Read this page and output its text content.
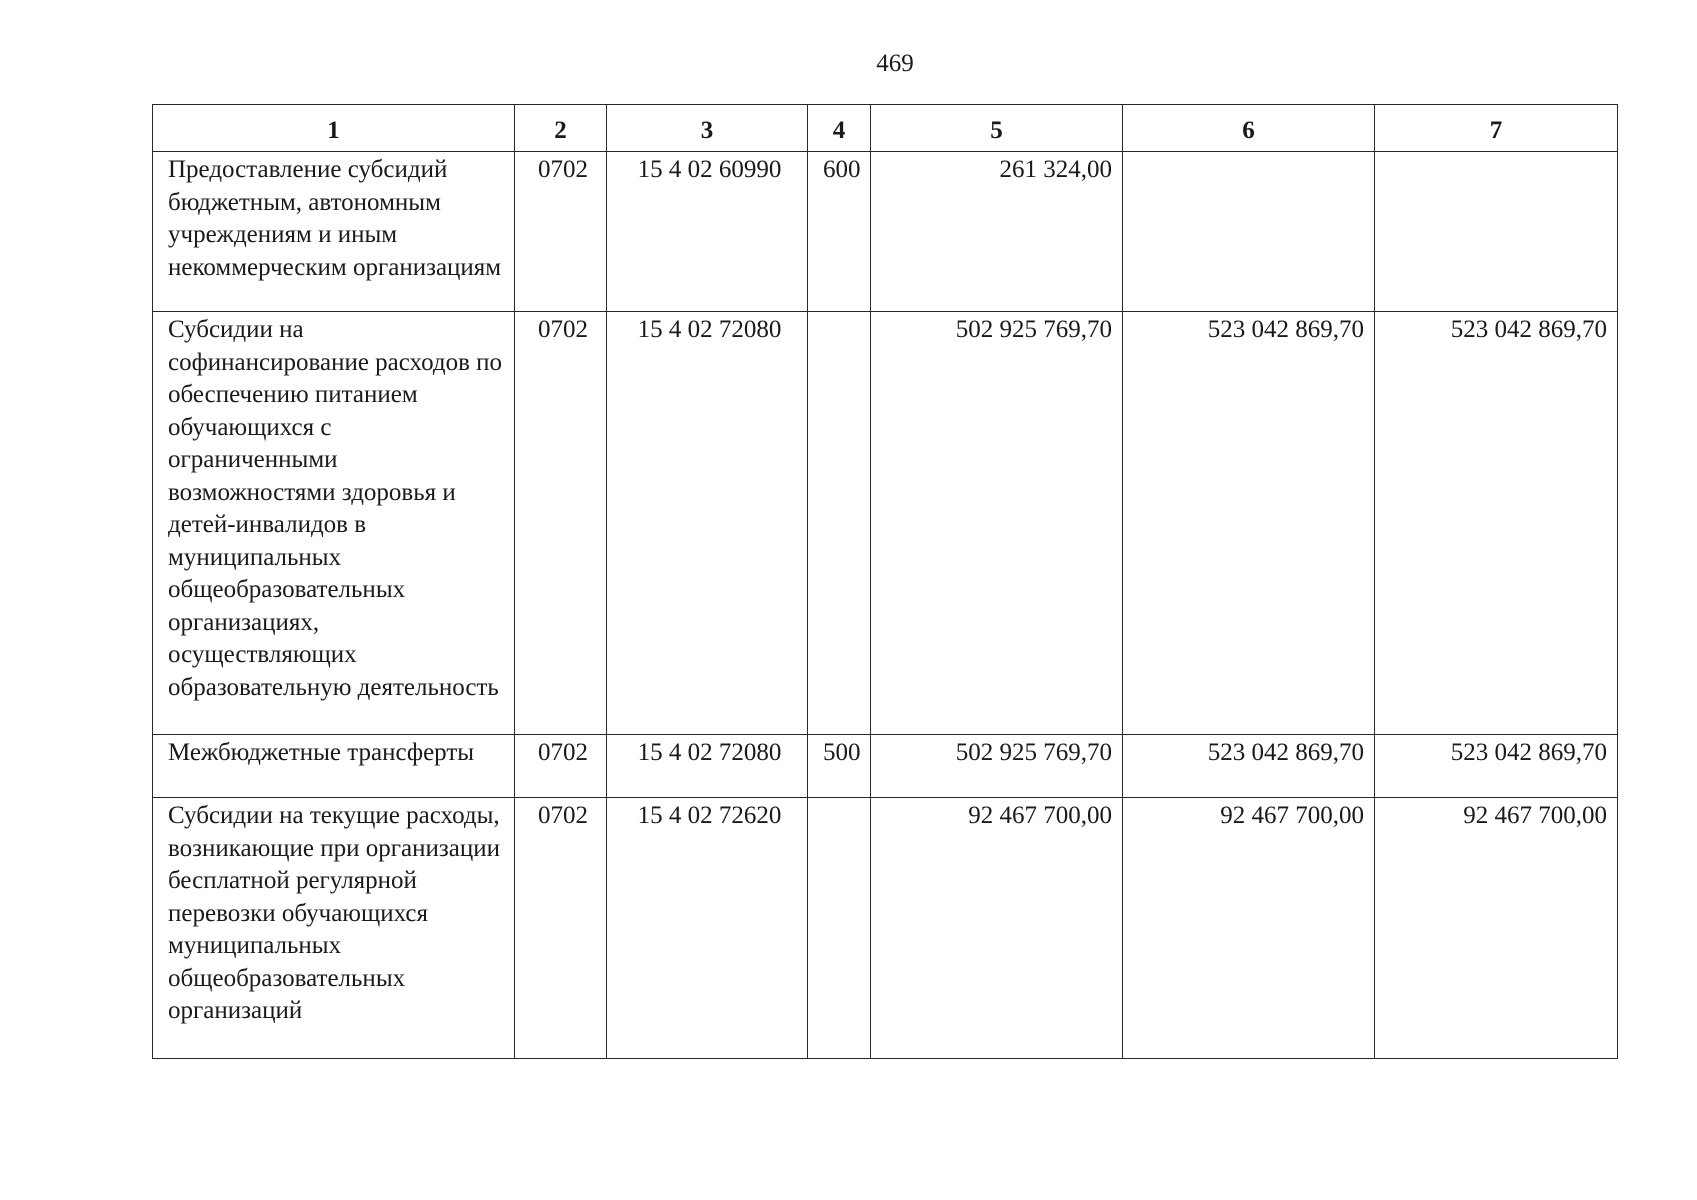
469
1	2	3	4	5	6	7
Предоставление субсидий бюджетным, автономным учреждениям и иным некоммерческим организациям	0702	15 4 02 60990	600	261 324,00		
Субсидии на софинансирование расходов по обеспечению питанием обучающихся с ограниченными возможностями здоровья и детей-инвалидов в муниципальных общеобразовательных организациях, осуществляющих образовательную деятельность	0702	15 4 02 72080		502 925 769,70	523 042 869,70	523 042 869,70
Межбюджетные трансферты	0702	15 4 02 72080	500	502 925 769,70	523 042 869,70	523 042 869,70
Субсидии на текущие расходы, возникающие при организации бесплатной регулярной перевозки обучающихся муниципальных общеобразовательных организаций	0702	15 4 02 72620		92 467 700,00	92 467 700,00	92 467 700,00
